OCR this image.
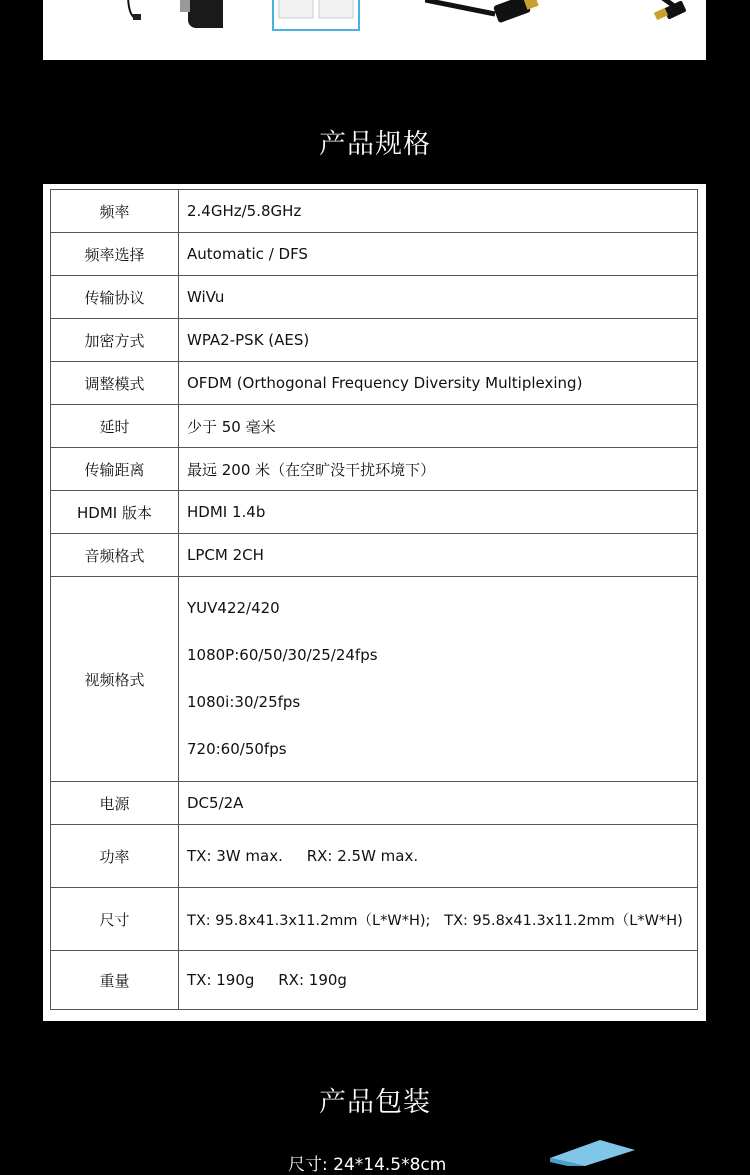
产品规格
频率	2.4GHz/5.8GHz
频率选择	Automatic / DFS
传输协议	WiVu
加密方式	WPA2-PSK (AES)
调整模式	OFDM (Orthogonal Frequency Diversity Multiplexing)
延时	少于 50 毫米
传输距离	最远 200 米（在空旷没干扰环境下）
HDMI 版本	HDMI 1.4b
音频格式	LPCM 2CH
视频格式	YUV422/420
1080P:60/50/30/25/24fps
1080i:30/25fps
720:60/50fps

电源	DC5/2A
功率	TX: 3W max.     RX: 2.5W max.
尺寸	TX: 95.8x41.3x11.2mm（L*W*H);   TX: 95.8x41.3x11.2mm（L*W*H)
重量	TX: 190g     RX: 190g
产品包装
尺寸: 24*14.5*8cm
